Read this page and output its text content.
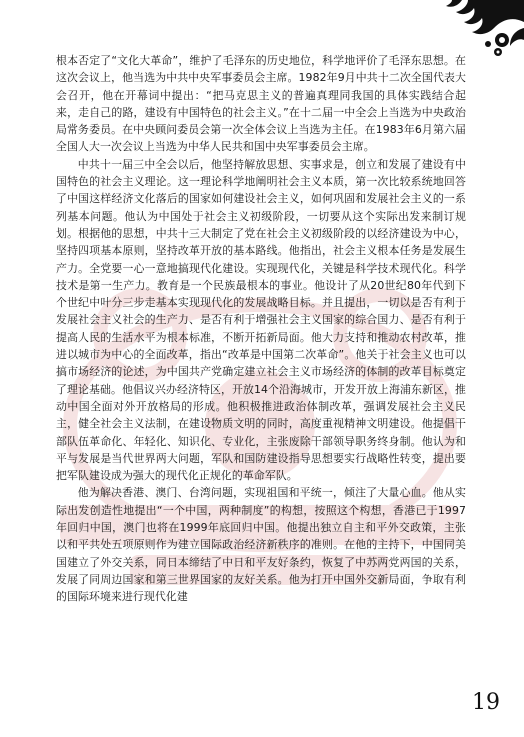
根本否定了“文化大革命”，维护了毛泽东的历史地位，科学地评价了毛泽东思想。在这次会议上，他当选为中共中央军事委员会主席。1982年9月中共十二次全国代表大会召开，他在开幕词中提出：“把马克思主义的普遍真理同我国的具体实践结合起来，走自己的路，建设有中国特色的社会主义。”在十二届一中全会上当选为中央政治局常务委员。在中央顾问委员会第一次全体会议上当选为主任。在1983年6月第六届全国人大一次会议上当选为中华人民共和国中央军事委员会主席。

中共十一届三中全会以后，他坚持解放思想、实事求是，创立和发展了建设有中国特色的社会主义理论。这一理论科学地阐明社会主义本质，第一次比较系统地回答了中国这样经济文化落后的国家如何建设社会主义，如何巩固和发展社会主义的一系列基本问题。他认为中国处于社会主义初级阶段，一切要从这个实际出发来制订规划。根据他的思想，中共十三大制定了党在社会主义初级阶段的以经济建设为中心，坚持四项基本原则，坚持改革开放的基本路线。他指出，社会主义根本任务是发展生产力。全党要一心一意地搞现代化建设。实现现代化，关键是科学技术现代化。科学技术是第一生产力。教育是一个民族最根本的事业。他设计了从20世纪80年代到下个世纪中叶分三步走基本实现现代化的发展战略目标。并且提出，一切以是否有利于发展社会主义社会的生产力、是否有利于增强社会主义国家的综合国力、是否有利于提高人民的生活水平为根本标准，不断开拓新局面。他大力支持和推动农村改革，推进以城市为中心的全面改革，指出“改革是中国第二次革命”。他关于社会主义也可以搞市场经济的论述，为中国共产党确定建立社会主义市场经济的体制的改革目标奠定了理论基础。他倡议兴办经济特区，开放14个沿海城市，开发开放上海浦东新区，推动中国全面对外开放格局的形成。他积极推进政治体制改革，强调发展社会主义民主，健全社会主义法制，在建设物质文明的同时，高度重视精神文明建设。他提倡干部队伍革命化、年轻化、知识化、专业化，主张废除干部领导职务终身制。他认为和平与发展是当代世界两大问题，军队和国防建设指导思想要实行战略性转变，提出要把军队建设成为强大的现代化正规化的革命军队。

他为解决香港、澳门、台湾问题，实现祖国和平统一，倾注了大量心血。他从实际出发创造性地提出“一个中国，两种制度”的构想，按照这个构想，香港已于1997年回归中国，澳门也将在1999年底回归中国。他提出独立自主和平外交政策，主张以和平共处五项原则作为建立国际政治经济新秩序的准则。在他的主持下，中国同美国建立了外交关系，同日本缔结了中日和平友好条约，恢复了中苏两党两国的关系，发展了同周边国家和第三世界国家的友好关系。他为打开中国外交新局面，争取有利的国际环境来进行现代化建

19
